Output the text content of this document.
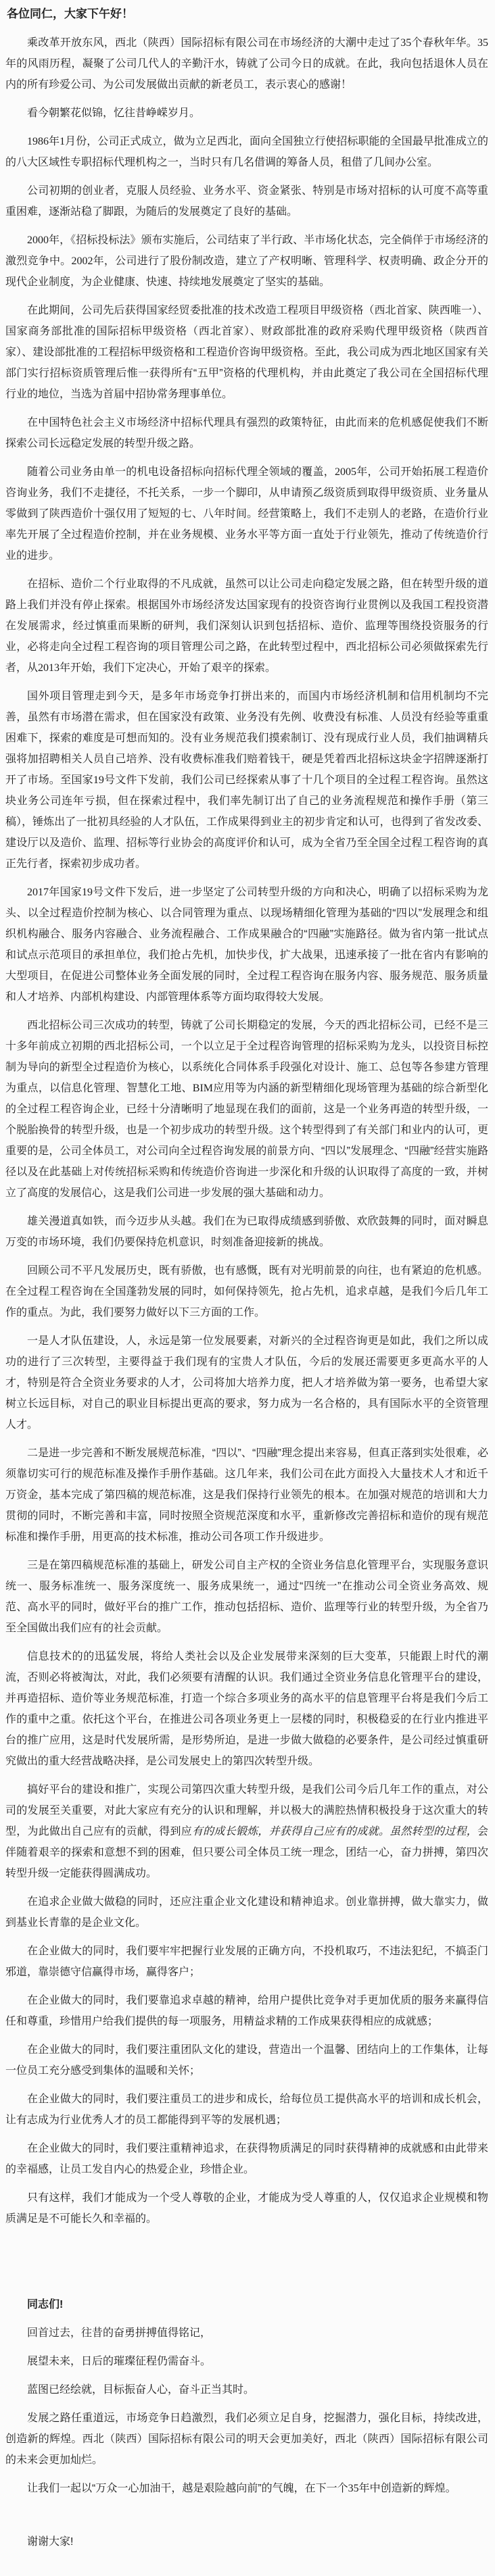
各位同仁，大家下午好！

乘改革开放东风，西北（陕西）国际招标有限公司在市场经济的大潮中走过了35个春秋年华。35年的风雨历程，凝聚了公司几代人的辛勤汗水，铸就了公司今日的成就。在此，我向包括退休人员在内的所有珍爱公司、为公司发展做出贡献的新老员工，表示衷心的感谢！

看今朝繁花似锦，忆往昔峥嵘岁月。

1986年1月份，公司正式成立，做为立足西北，面向全国独立行使招标职能的全国最早批准成立的的八大区域性专职招标代理机构之一，当时只有几名借调的筹备人员，租借了几间办公室。

公司初期的创业者，克服人员经验、业务水平、资金紧张、特别是市场对招标的认可度不高等重重困难，逐渐站稳了脚跟，为随后的发展奠定了良好的基础。

2000年，《招标投标法》颁布实施后，公司结束了半行政、半市场化状态，完全倘佯于市场经济的激烈竞争中。2002年，公司进行了股份制改造，建立了产权明晰、管理科学、权责明确、政企分开的现代企业制度，为企业健康、快速、持续地发展奠定了坚实的基础。

在此期间，公司先后获得国家经贸委批准的技术改造工程项目甲级资格（西北首家、陕西唯一）、国家商务部批准的国际招标甲级资格（西北首家）、财政部批准的政府采购代理甲级资格（陕西首家）、建设部批准的工程招标甲级资格和工程造价咨询甲级资格。至此，我公司成为西北地区国家有关部门实行招标资质管理后惟一获得所有“五甲”资格的代理机构，并由此奠定了我公司在全国招标代理行业的地位，当选为首届中招协常务理事单位。

在中国特色社会主义市场经济中招标代理具有强烈的政策特征，由此而来的危机感促使我们不断探索公司长远稳定发展的转型升级之路。

随着公司业务由单一的机电设备招标向招标代理全领域的覆盖，2005年，公司开始拓展工程造价咨询业务，我们不走捷径，不托关系，一步一个脚印，从申请预乙级资质到取得甲级资质、业务量从零做到了陕西造价十强仅用了短短的七、八年时间。经营策略上，我们不走别人的老路，在造价行业率先开展了全过程造价控制，并在业务规模、业务水平等方面一直处于行业领先，推动了传统造价行业的进步。

在招标、造价二个行业取得的不凡成就，虽然可以让公司走向稳定发展之路，但在转型升级的道路上我们并没有停止探索。根据国外市场经济发达国家现有的投资咨询行业贯例以及我国工程投资潜在发展需求，经过慎重而果断的研判，我们深刻认识到包括招标、造价、监理等围绕投资服务的行业，必将走向全过程工程咨询的项目管理公司之路，在此转型过程中，西北招标公司必须做探索先行者，从2013年开始，我们下定决心，开始了艰辛的探索。

国外项目管理走到今天，是多年市场竞争打拼出来的，而国内市场经济机制和信用机制均不完善，虽然有市场潜在需求，但在国家没有政策、业务没有先例、收费没有标准、人员没有经验等重重困难下，探索的难度是可想而知的。没有业务规范我们摸索制订、没有现成行业人员，我们抽调精兵强将加招聘相关人员自己培养、没有收费标准我们赔着钱干，硬是凭着西北招标这块金字招牌逐渐打开了市场。至国家19号文件下发前，我们公司已经探索从事了十几个项目的全过程工程咨询。虽然这块业务公司连年亏损，但在探索过程中，我们率先制订出了自己的业务流程规范和操作手册（第三稿），锤炼出了一批初具经验的人才队伍，工作成果得到业主的初步肯定和认可，也得到了省发改委、建设厅以及造价、监理、招标等行业协会的高度评价和认可，成为全省乃至全国全过程工程咨询的真正先行者，探索初步成功者。

2017年国家19号文件下发后，进一步坚定了公司转型升级的方向和决心，明确了以招标采购为龙头、以全过程造价控制为核心、以合同管理为重点、以现场精细化管理为基础的“四以”发展理念和组织机构融合、服务内容融合、业务流程融合、工作成果融合的“四融”实施路径。做为省内第一批试点和试点示范项目的承担单位，我们抢占先机，加快步伐，扩大战果，迅速承接了一批在省内有影响的大型项目，在促进公司整体业务全面发展的同时，全过程工程咨询在服务内容、服务规范、服务质量和人才培养、内部机构建设、内部管理体系等方面均取得较大发展。

西北招标公司三次成功的转型，铸就了公司长期稳定的发展，今天的西北招标公司，已经不是三十多年前成立初期的西北招标公司，一个以立足于全过程咨询管理的招标采购为龙头，以投资目标控制为导向的新型全过程造价为核心，以系统化合同体系手段强化对设计、施工、总包等各参建方管理为重点，以信息化管理、智慧化工地、BIM应用等为内涵的新型精细化现场管理为基础的综合新型化的全过程工程咨询企业，已经十分清晰明了地显现在我们的面前，这是一个业务再造的转型升级，一个脱胎换骨的转型升级，也是一个初步成功的转型升级。这个转型得到了有关部门和业内的认可，更重要的是，公司全体员工，对公司向全过程咨询发展的前景方向、“四以”发展理念、“四融”经营实施路径以及在此基础上对传统招标采购和传统造价咨询进一步深化和升级的认识取得了高度的一致，并树立了高度的发展信心，这是我们公司进一步发展的强大基础和动力。

雄关漫道真如铁，而今迈步从头越。我们在为已取得成绩感到骄傲、欢欣鼓舞的同时，面对瞬息万变的市场环境，我们仍要保持危机意识，时刻准备迎接新的挑战。

回顾公司不平凡发展历史，既有骄傲，也有感慨，既有对光明前景的向往，也有紧迫的危机感。在全过程工程咨询在全国蓬勃发展的同时，如何保持领先，抢占先机，追求卓越，是我们今后几年工作的重点。为此，我们要努力做好以下三方面的工作。

一是人才队伍建设，人，永远是第一位发展要素，对新兴的全过程咨询更是如此，我们之所以成功的进行了三次转型，主要得益于我们现有的宝贵人才队伍，今后的发展还需要更多更高水平的人才，特别是符合全资业务要求的人才，公司将加大培养力度，把人才培养做为第一要务，也希望大家树立长远目标，对自己的职业目标提出更高的要求，努力成为一名合格的，具有国际水平的全资管理人才。

二是进一步完善和不断发展规范标准，“四以”、“四融”理念提出来容易，但真正落到实处很难，必须靠切实可行的规范标准及操作手册作基础。这几年来，我们公司在此方面投入大量技术人才和近千万资金，基本完成了第四稿的规范标准，这是我们保持行业领先的根本。在加强对规范的培训和大力贯彻的同时，不断完善和丰富，同时按照全资规范深度和水平，重新修改完善招标和造价的现有规范标准和操作手册，用更高的技术标准，推动公司各项工作升级进步。

三是在第四稿规范标准的基础上，研发公司自主产权的全资业务信息化管理平台，实现服务意识统一、服务标准统一、服务深度统一、服务成果统一，通过“四统一”在推动公司全资业务高效、规范、高水平的同时，做好平台的推广工作，推动包括招标、造价、监理等行业的转型升级，为全省乃至全国做出我们应有的社会贡献。

信息技术的的迅猛发展，将给人类社会以及企业发展带来深刻的巨大变革，只能跟上时代的潮流，否则必将被淘汰，对此，我们必须要有清醒的认识。我们通过全资业务信息化管理平台的建设，并再造招标、造价等业务规范标准，打造一个综合多项业务的高水平的信息管理平台将是我们今后工作的重中之重。依托这个平台，在推进公司各项业务更上一层楼的同时，积极稳妥的在行业内推进平台的推广应用，这是时代发展所需，是形势所迫，是进一步做大做稳的必要条件，是公司经过慎重研究做出的重大经营战略决择，是公司发展史上的第四次转型升级。

搞好平台的建设和推广，实现公司第四次重大转型升级，是我们公司今后几年工作的重点，对公司的发展至关重要，对此大家应有充分的认识和理解，并以极大的满腔热情积极投身于这次重大的转型，为此做出自己应有的贡献，得到应有的成长锻炼，并获得自己应有的成就。虽然转型的过程，会伴随着艰辛的探索和意想不到的困难，但只要公司全体员工统一理念，团结一心，奋力拼搏，第四次转型升级一定能获得圆满成功。

在追求企业做大做稳的同时，还应注重企业文化建设和精神追求。创业靠拼搏，做大靠实力，做到基业长青靠的是企业文化。

在企业做大的同时，我们要牢牢把握行业发展的正确方向，不投机取巧，不违法犯纪，不搞歪门邪道，靠崇德守信赢得市场，赢得客户；

在企业做大的同时，我们要靠追求卓越的精神，给用户提供比竞争对手更加优质的服务来赢得信任和尊重，珍惜用户给我们提供的每一项服务，用精益求精的工作成果获得相应的成就感；

在企业做大的同时，我们要注重团队文化的建设，营造出一个温馨、团结向上的工作集体，让每一位员工充分感受到集体的温暖和关怀；

在企业做大的同时，我们要注重员工的进步和成长，给每位员工提供高水平的培训和成长机会，让有志成为行业优秀人才的员工都能得到平等的发展机遇；

在企业做大的同时，我们要注重精神追求，在获得物质满足的同时获得精神的成就感和由此带来的幸福感，让员工发自内心的热爱企业，珍惜企业。

只有这样，我们才能成为一个受人尊敬的企业，才能成为受人尊重的人，仅仅追求企业规模和物质满足是不可能长久和幸福的。

同志们!

回首过去，往昔的奋勇拼搏值得铭记，

展望未来，日后的璀璨征程仍需奋斗。

蓝图已经绘就，目标振奋人心，奋斗正当其时。

发展之路任重道远，市场竞争日趋激烈，我们必须立足自身，挖掘潜力，强化目标，持续改进，创造新的辉煌。西北（陕西）国际招标有限公司的明天会更加美好，西北（陕西）国际招标有限公司的未来会更加灿烂。

让我们一起以“万众一心加油干，越是艰险越向前”的气魄，在下一个35年中创造新的辉煌。

谢谢大家!
